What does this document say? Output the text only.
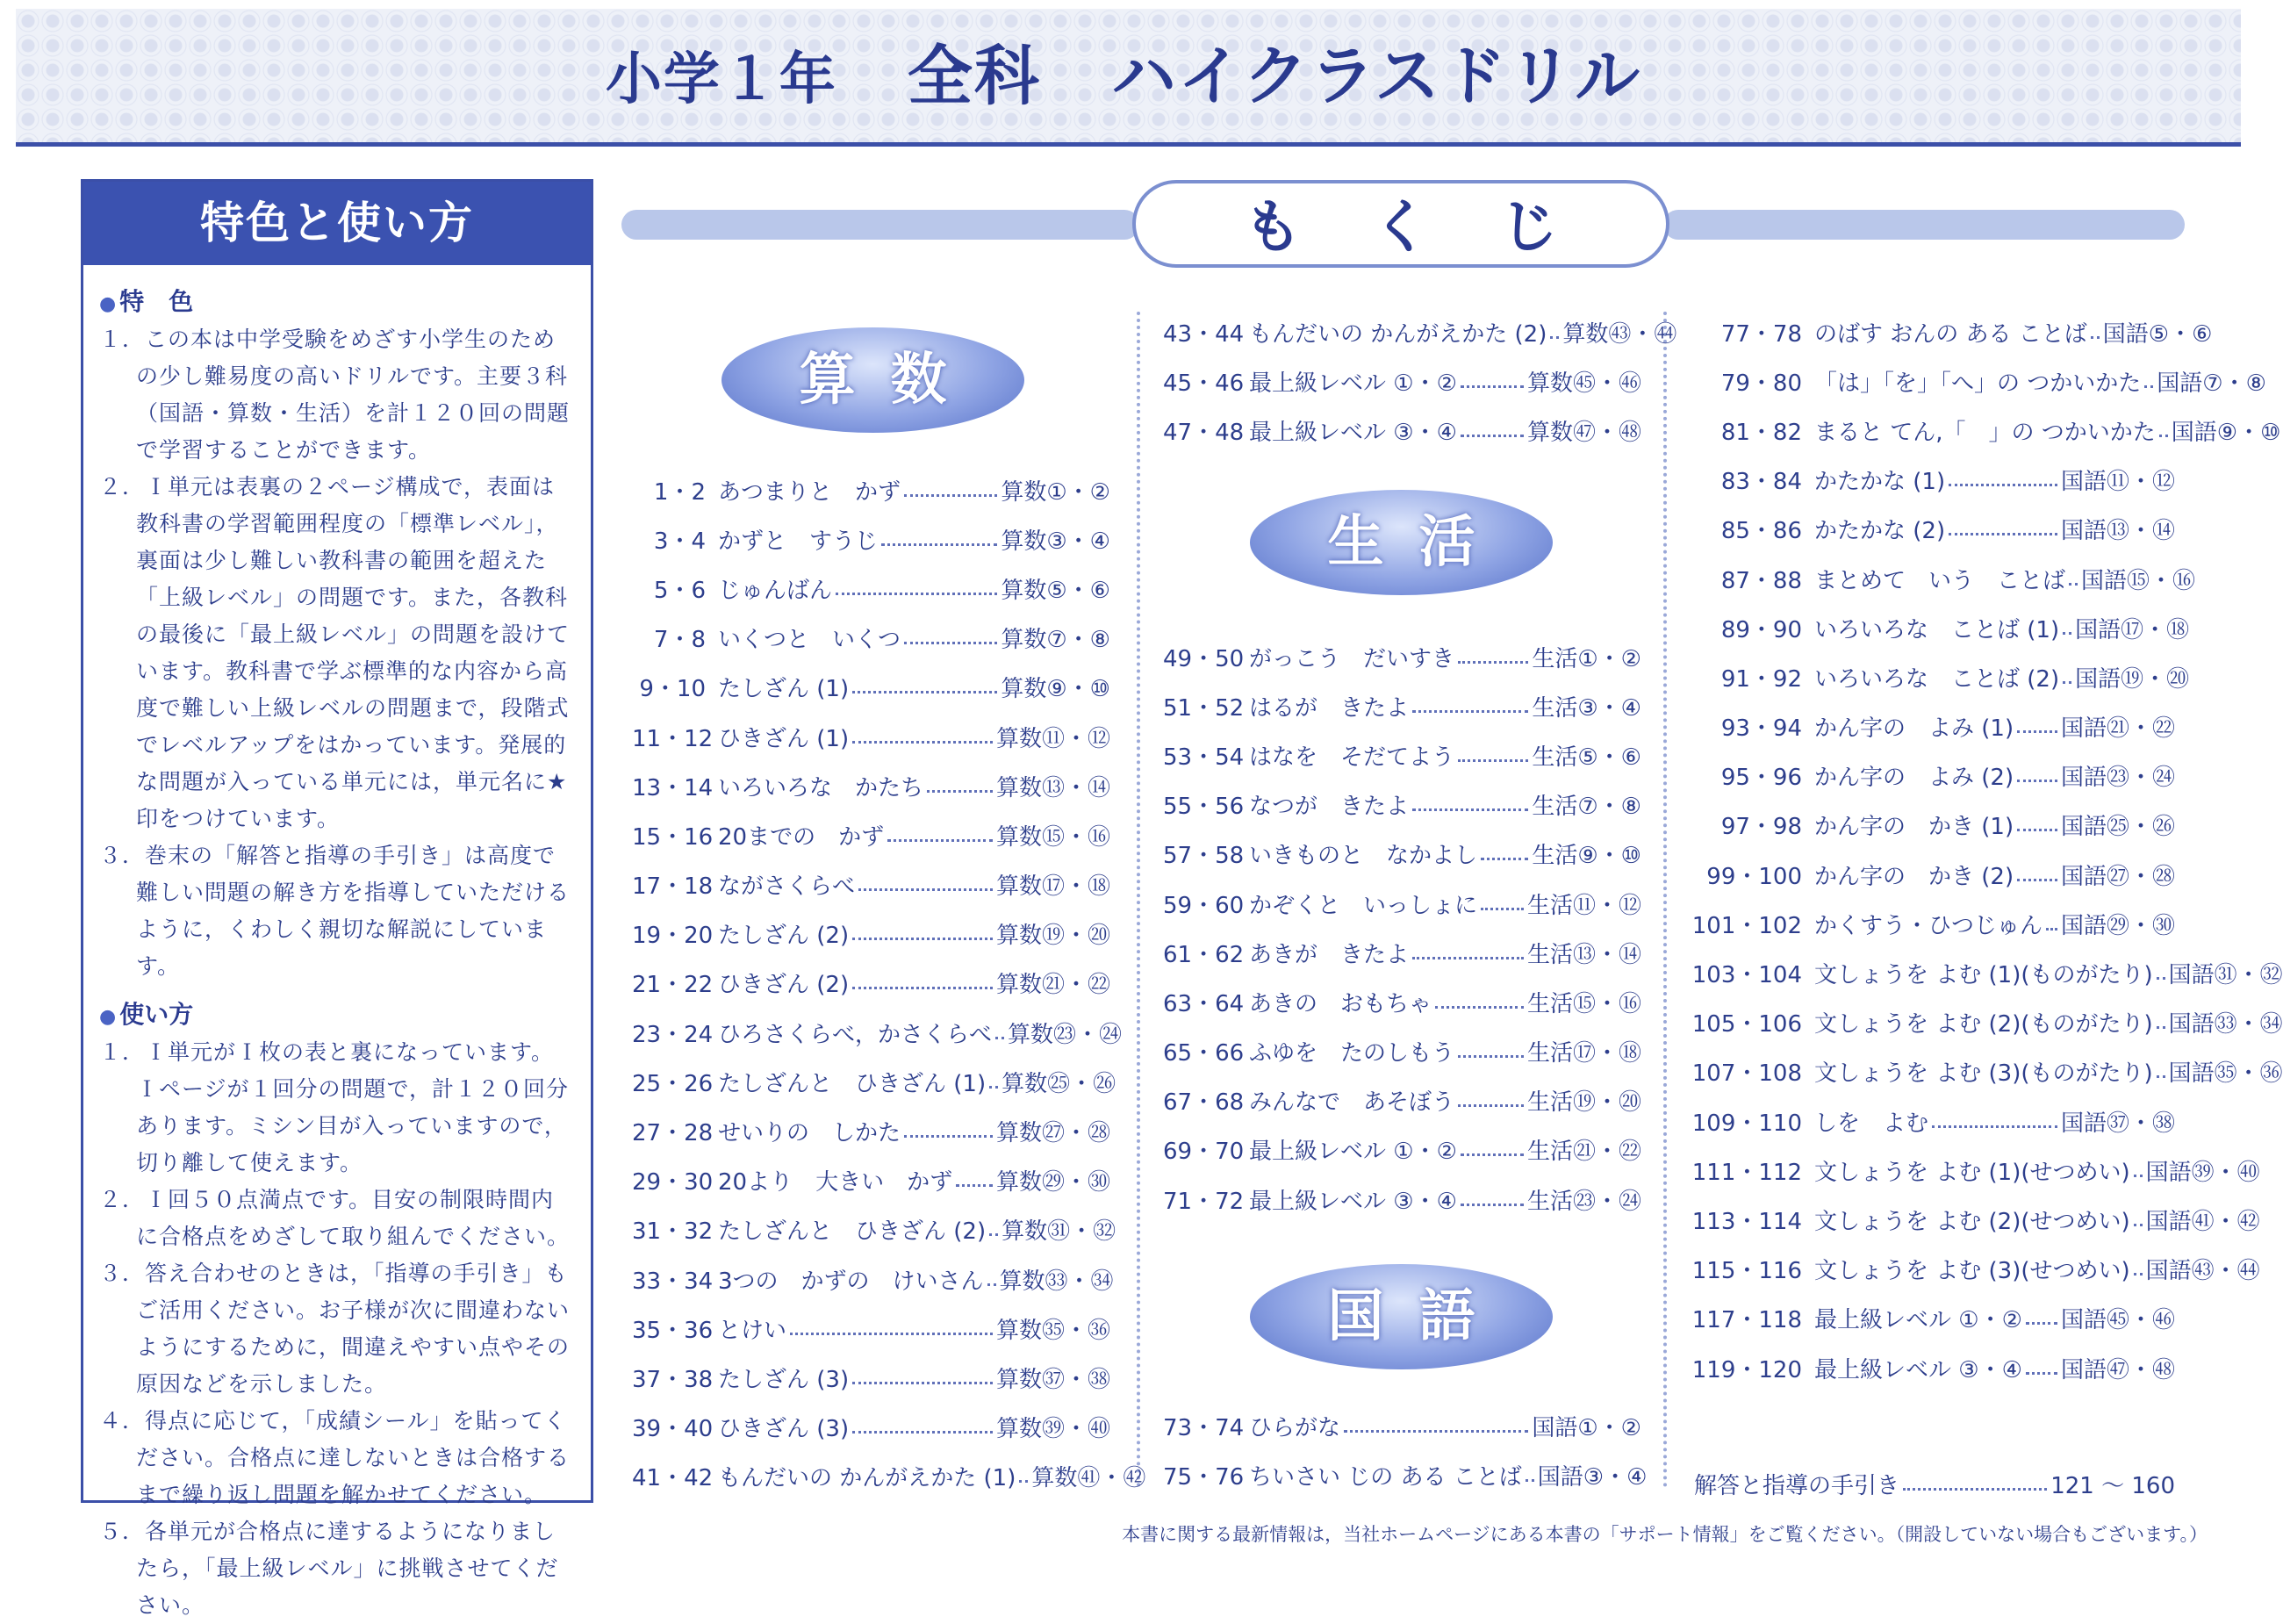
小学１年 全科 ハイクラスドリル
特色と使い方
● 特　色
１．この本は中学受験をめざす小学生のための少し難易度の高いドリルです。主要３科（国語・算数・生活）を計１２０回の問題で学習することができます。
２．Ｉ単元は表裏の２ページ構成で，表面は教科書の学習範囲程度の「標準レベル」，裏面は少し難しい教科書の範囲を超えた「上級レベル」の問題です。また，各教科の最後に「最上級レベル」の問題を設けています。教科書で学ぶ標準的な内容から高度で難しい上級レベルの問題まで，段階式でレベルアップをはかっています。発展的な問題が入っている単元には，単元名に★印をつけています。
３．巻末の「解答と指導の手引き」は高度で難しい問題の解き方を指導していただけるように，くわしく親切な解説にしています。
● 使い方
１．Ｉ単元がＩ枚の表と裏になっています。Ｉページが１回分の問題で，計１２０回分あります。ミシン目が入っていますので，切り離して使えます。
２．Ｉ回５０点満点です。目安の制限時間内に合格点をめざして取り組んでください。
３．答え合わせのときは，「指導の手引き」もご活用ください。お子様が次に間違わないようにするために，間違えやすい点やその原因などを示しました。
４．得点に応じて，「成績シール」を貼ってください。合格点に達しないときは合格するまで繰り返し問題を解かせてください。
５．各単元が合格点に達するようになりましたら，「最上級レベル」に挑戦させてください。
もくじ
算数
生活
国語
1・2 あつまりと　かず	算数①・②
3・4 かずと　すうじ	算数③・④
5・6 じゅんばん	算数⑤・⑥
7・8 いくつと　いくつ	算数⑦・⑧
9・10 たしざん (1)	算数⑨・⑩
11・12 ひきざん (1)	算数⑪・⑫
13・14 いろいろな　かたち	算数⑬・⑭
15・16 20までの　かず	算数⑮・⑯
17・18 ながさくらべ	算数⑰・⑱
19・20 たしざん (2)	算数⑲・⑳
21・22 ひきざん (2)	算数㉑・㉒
23・24 ひろさくらべ，かさくらべ 算数㉓・㉔
25・26 たしざんと　ひきざん (1) 算数㉕・㉖
27・28 せいりの　しかた	算数㉗・㉘
29・30 20より　大きい　かず 算数㉙・㉚
31・32 たしざんと　ひきざん (2) 算数㉛・㉜
33・34 3つの　かずの　けいさん 算数㉝・㉞
35・36 とけい	算数㉟・㊱
37・38 たしざん (3)	算数㊲・㊳
39・40 ひきざん (3)	算数㊴・㊵
41・42 もんだいの かんがえかた (1) 算数㊶・㊷
43・44 もんだいの かんがえかた (2) 算数㊸・㊹
45・46 最上級レベル ①・②	算数㊺・㊻
47・48 最上級レベル ③・④	算数㊼・㊽
49・50 がっこう　だいすき	生活①・②
51・52 はるが　きたよ	生活③・④
53・54 はなを　そだてよう	生活⑤・⑥
55・56 なつが　きたよ	生活⑦・⑧
57・58 いきものと　なかよし 生活⑨・⑩
59・60 かぞくと　いっしょに 生活⑪・⑫
61・62 あきが　きたよ	生活⑬・⑭
63・64 あきの　おもちゃ	生活⑮・⑯
65・66 ふゆを　たのしもう	生活⑰・⑱
67・68 みんなで　あそぼう	生活⑲・⑳
69・70 最上級レベル ①・②	生活㉑・㉒
71・72 最上級レベル ③・④	生活㉓・㉔
73・74 ひらがな	国語①・②
75・76 ちいさい じの ある ことば 国語③・④
77・78 のばす おんの ある ことば 国語⑤・⑥
79・80 「は」「を」「へ」の つかいかた 国語⑦・⑧
81・82 まると てん,「　」の つかいかた 国語⑨・⑩
83・84 かたかな (1)	国語⑪・⑫
85・86 かたかな (2)	国語⑬・⑭
87・88 まとめて　いう　ことば 国語⑮・⑯
89・90 いろいろな　ことば (1) 国語⑰・⑱
91・92 いろいろな　ことば (2) 国語⑲・⑳
93・94 かん字の　よみ (1) 国語㉑・㉒
95・96 かん字の　よみ (2) 国語㉓・㉔
97・98 かん字の　かき (1) 国語㉕・㉖
99・100 かん字の　かき (2) 国語㉗・㉘
101・102 かくすう・ひつじゅん 国語㉙・㉚
103・104 文しょうを よむ (1)(ものがたり) 国語㉛・㉜
105・106 文しょうを よむ (2)(ものがたり) 国語㉝・㉞
107・108 文しょうを よむ (3)(ものがたり) 国語㉟・㊱
109・110 しを　よむ	国語㊲・㊳
111・112 文しょうを よむ (1)(せつめい) 国語㊴・㊵
113・114 文しょうを よむ (2)(せつめい) 国語㊶・㊷
115・116 文しょうを よむ (3)(せつめい) 国語㊸・㊹
117・118 最上級レベル ①・② 国語㊺・㊻
119・120 最上級レベル ③・④ 国語㊼・㊽
解答と指導の手引き	121 ～ 160
本書に関する最新情報は，当社ホームページにある本書の「サポート情報」をご覧ください。（開設していない場合もございます。）
